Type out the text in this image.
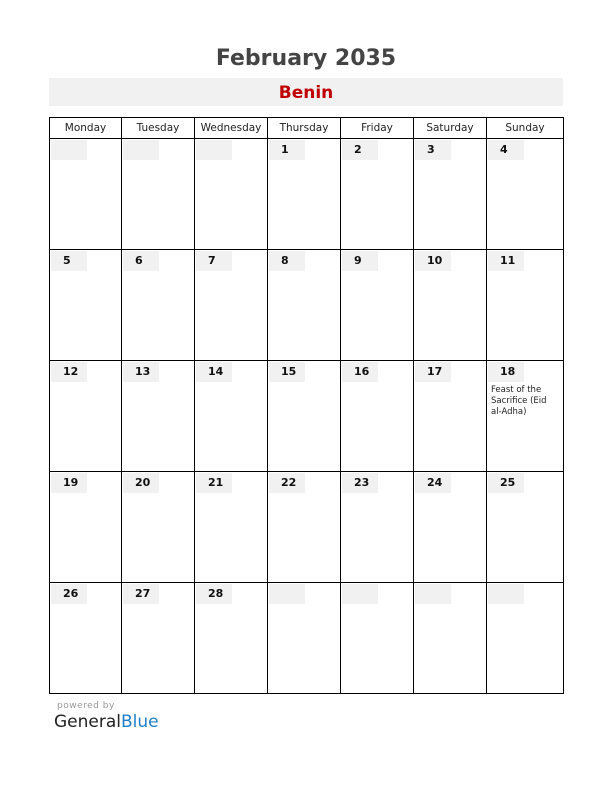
February 2035
Benin
Monday	Tuesday	Wednesday	Thursday	Friday	Saturday	Sunday

			1	2	3	4

5	6	7	8	9	10	11

12	13	14	15	16	17	18
Feast of the Sacrifice (Eid al-Adha)

19	20	21	22	23	24	25

26	27	28				

powered by
GeneralBlue
